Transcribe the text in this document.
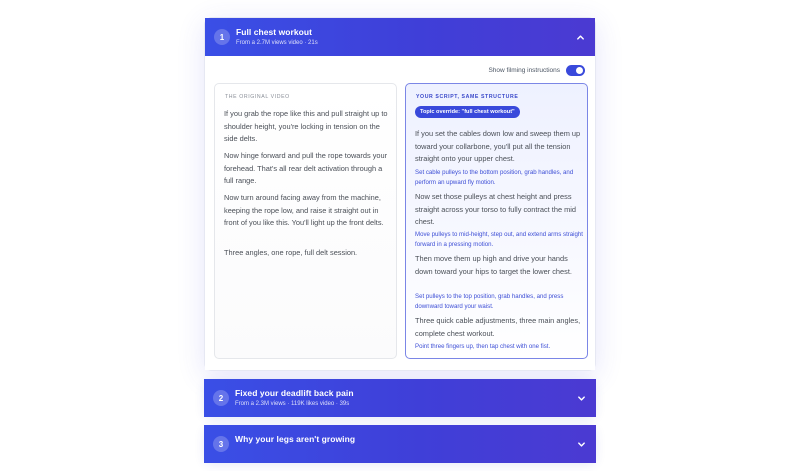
1	Full chest workout
From a 2.7M views video · 21s
Show filming instructions
THE ORIGINAL VIDEO

If you grab the rope like this and pull straight up to shoulder height, you're locking in tension on the side delts.

Now hinge forward and pull the rope towards your forehead. That's all rear delt activation through a full range.

Now turn around facing away from the machine, keeping the rope low, and raise it straight out in front of you like this. You'll light up the front delts.

Three angles, one rope, full delt session.

YOUR SCRIPT, SAME STRUCTURE
Topic override: "full chest workout"

If you set the cables down low and sweep them up toward your collarbone, you'll put all the tension straight onto your upper chest.

Set cable pulleys to the bottom position, grab handles, and perform an upward fly motion.

Now set those pulleys at chest height and press straight across your torso to fully contract the mid chest.

Move pulleys to mid-height, step out, and extend arms straight forward in a pressing motion.

Then move them up high and drive your hands down toward your hips to target the lower chest.

Set pulleys to the top position, grab handles, and press downward toward your waist.

Three quick cable adjustments, three main angles, complete chest workout.

Point three fingers up, then tap chest with one fist.

2	Fixed your deadlift back pain
From a 2.3M views · 119K likes video · 39s
3	Why your legs aren't growing
